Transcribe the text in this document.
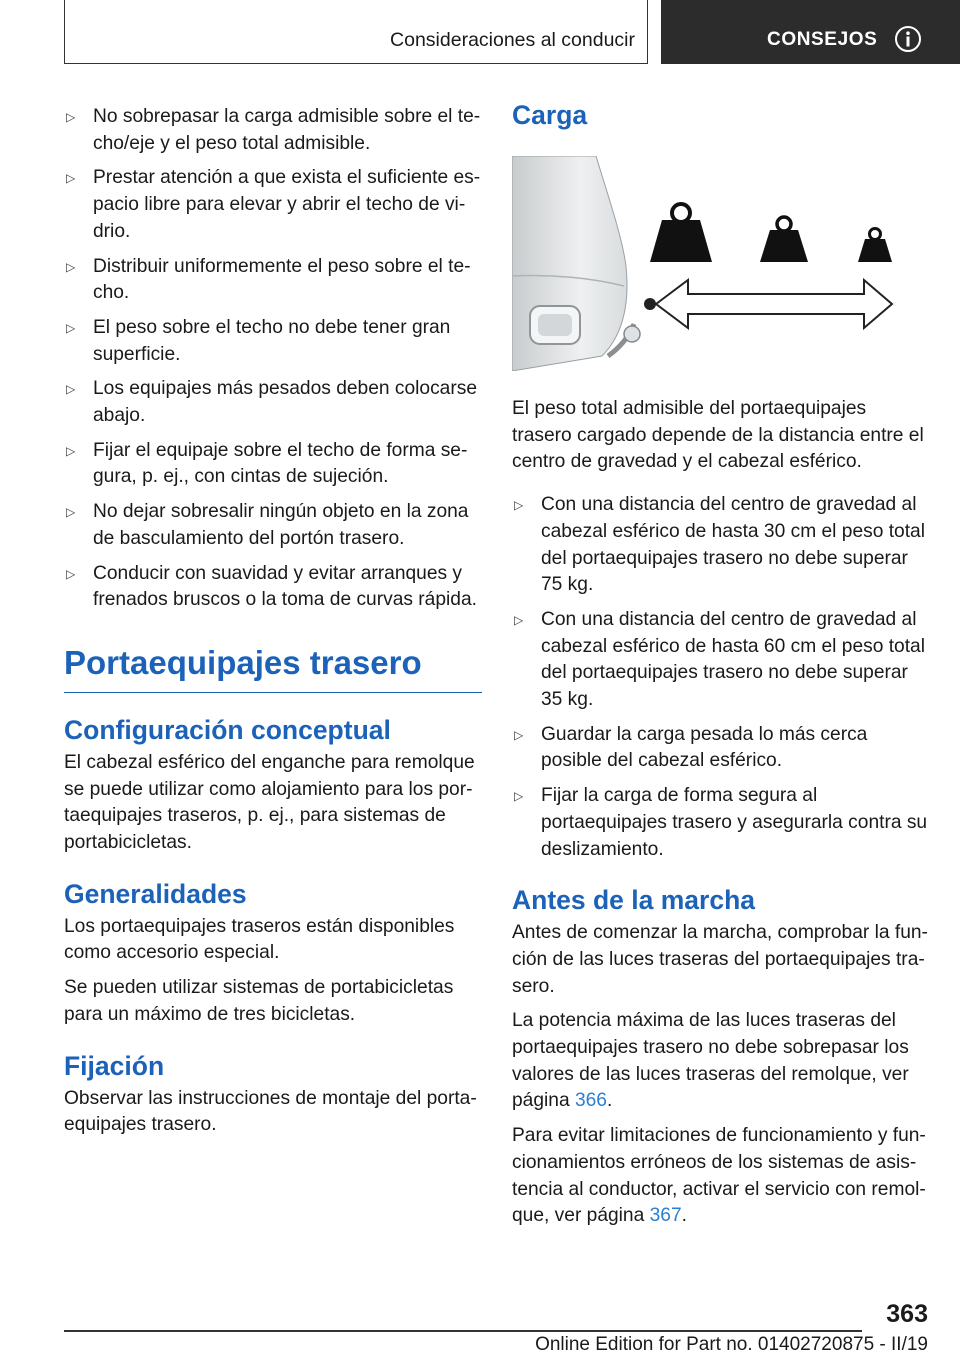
Consideraciones al conducir	CONSEJOS
▷ No sobrepasar la carga admisible sobre el techo/eje y el peso total admisible.
▷ Prestar atención a que exista el suficiente espacio libre para elevar y abrir el techo de vidrio.
▷ Distribuir uniformemente el peso sobre el techo.
▷ El peso sobre el techo no debe tener gran superficie.
▷ Los equipajes más pesados deben colocarse abajo.
▷ Fijar el equipaje sobre el techo de forma segura, p. ej., con cintas de sujeción.
▷ No dejar sobresalir ningún objeto en la zona de basculamiento del portón trasero.
▷ Conducir con suavidad y evitar arranques y frenados bruscos o la toma de curvas rápida.
Portaequipajes trasero
Configuración conceptual

El cabezal esférico del enganche para remolque se puede utilizar como alojamiento para los portaequipajes traseros, p. ej., para sistemas de portabicicletas.

Generalidades

Los portaequipajes traseros están disponibles como accesorio especial.

Se pueden utilizar sistemas de portabicicletas para un máximo de tres bicicletas.

Fijación

Observar las instrucciones de montaje del portaequipajes trasero.

Carga

El peso total admisible del portaequipajes trasero cargado depende de la distancia entre el centro de gravedad y el cabezal esférico.

▷ Con una distancia del centro de gravedad al cabezal esférico de hasta 30 cm el peso total del portaequipajes trasero no debe superar 75 kg.
▷ Con una distancia del centro de gravedad al cabezal esférico de hasta 60 cm el peso total del portaequipajes trasero no debe superar 35 kg.
▷ Guardar la carga pesada lo más cerca posible del cabezal esférico.
▷ Fijar la carga de forma segura al portaequipajes trasero y asegurarla contra su deslizamiento.
Antes de la marcha

Antes de comenzar la marcha, comprobar la función de las luces traseras del portaequipajes trasero.

La potencia máxima de las luces traseras del portaequipajes trasero no debe sobrepasar los valores de las luces traseras del remolque, ver página 366.

Para evitar limitaciones de funcionamiento y funcionamientos erróneos de los sistemas de asistencia al conductor, activar el servicio con remolque, ver página 367.

363
Online Edition for Part no. 01402720875 - II/19
